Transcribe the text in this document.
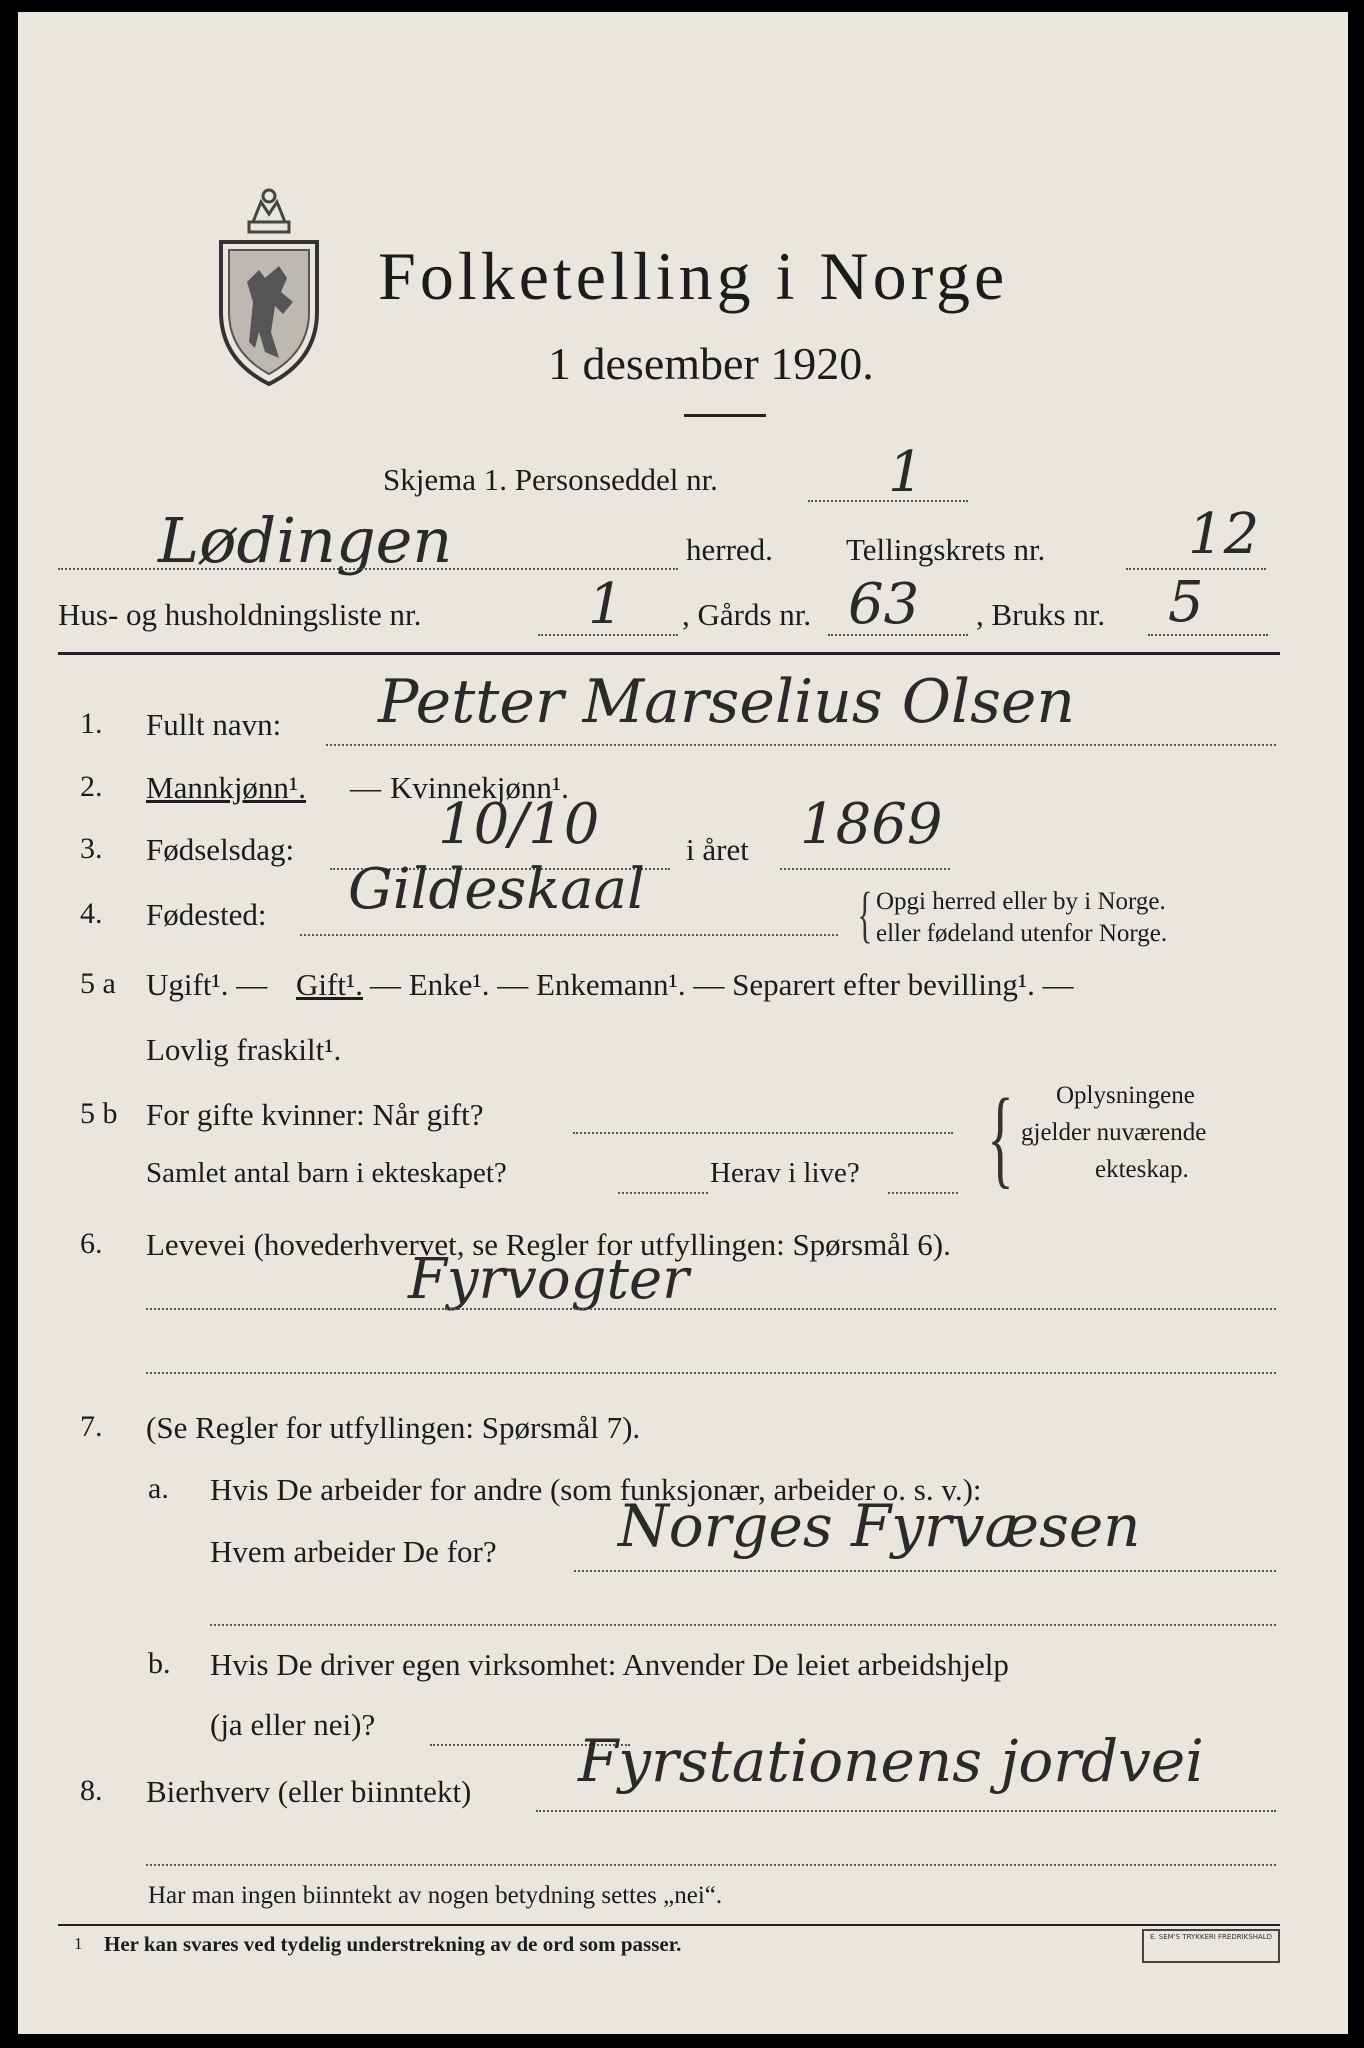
Folketelling i Norge
1 desember 1920.
Skjema 1. Personseddel nr.	1
Lødingen	herred. Tellingskrets nr.	12
Hus- og husholdningsliste nr.	1 , Gårds nr. 63 , Bruks nr. 5
1. Fullt navn: Petter Marselius Olsen
2. Mannkjønn¹. — Kvinnekjønn¹.
3. Fødselsdag:	10/10	i året 1869
4. Fødested: Gildeskaal	{ Opgi herred eller by i Norge.
eller fødeland utenfor Norge.
5 a Ugift¹. — Gift¹. — Enke¹. — Enkemann¹. — Separert efter bevilling¹. —
Lovlig fraskilt¹.
5 b For gifte kvinner: Når gift?
Samlet antal barn i ekteskapet?	Herav i live? { Oplysningene
gjelder nuværende
ekteskap.
6. Levevei (hovederhvervet, se Regler for utfyllingen: Spørsmål 6).
Fyrvogter
7. (Se Regler for utfyllingen: Spørsmål 7).
a. Hvis De arbeider for andre (som funksjonær, arbeider o. s. v.):
Hvem arbeider De for? Norges Fyrvæsen
b. Hvis De driver egen virksomhet: Anvender De leiet arbeidshjelp
(ja eller nei)?
8. Bierhverv (eller biinntekt) Fyrstationens jordvei
Har man ingen biinntekt av nogen betydning settes „nei“.
1 Her kan svares ved tydelig understrekning av de ord som passer.	E. SEM'S TRYKKERI FREDRIKSHALD
